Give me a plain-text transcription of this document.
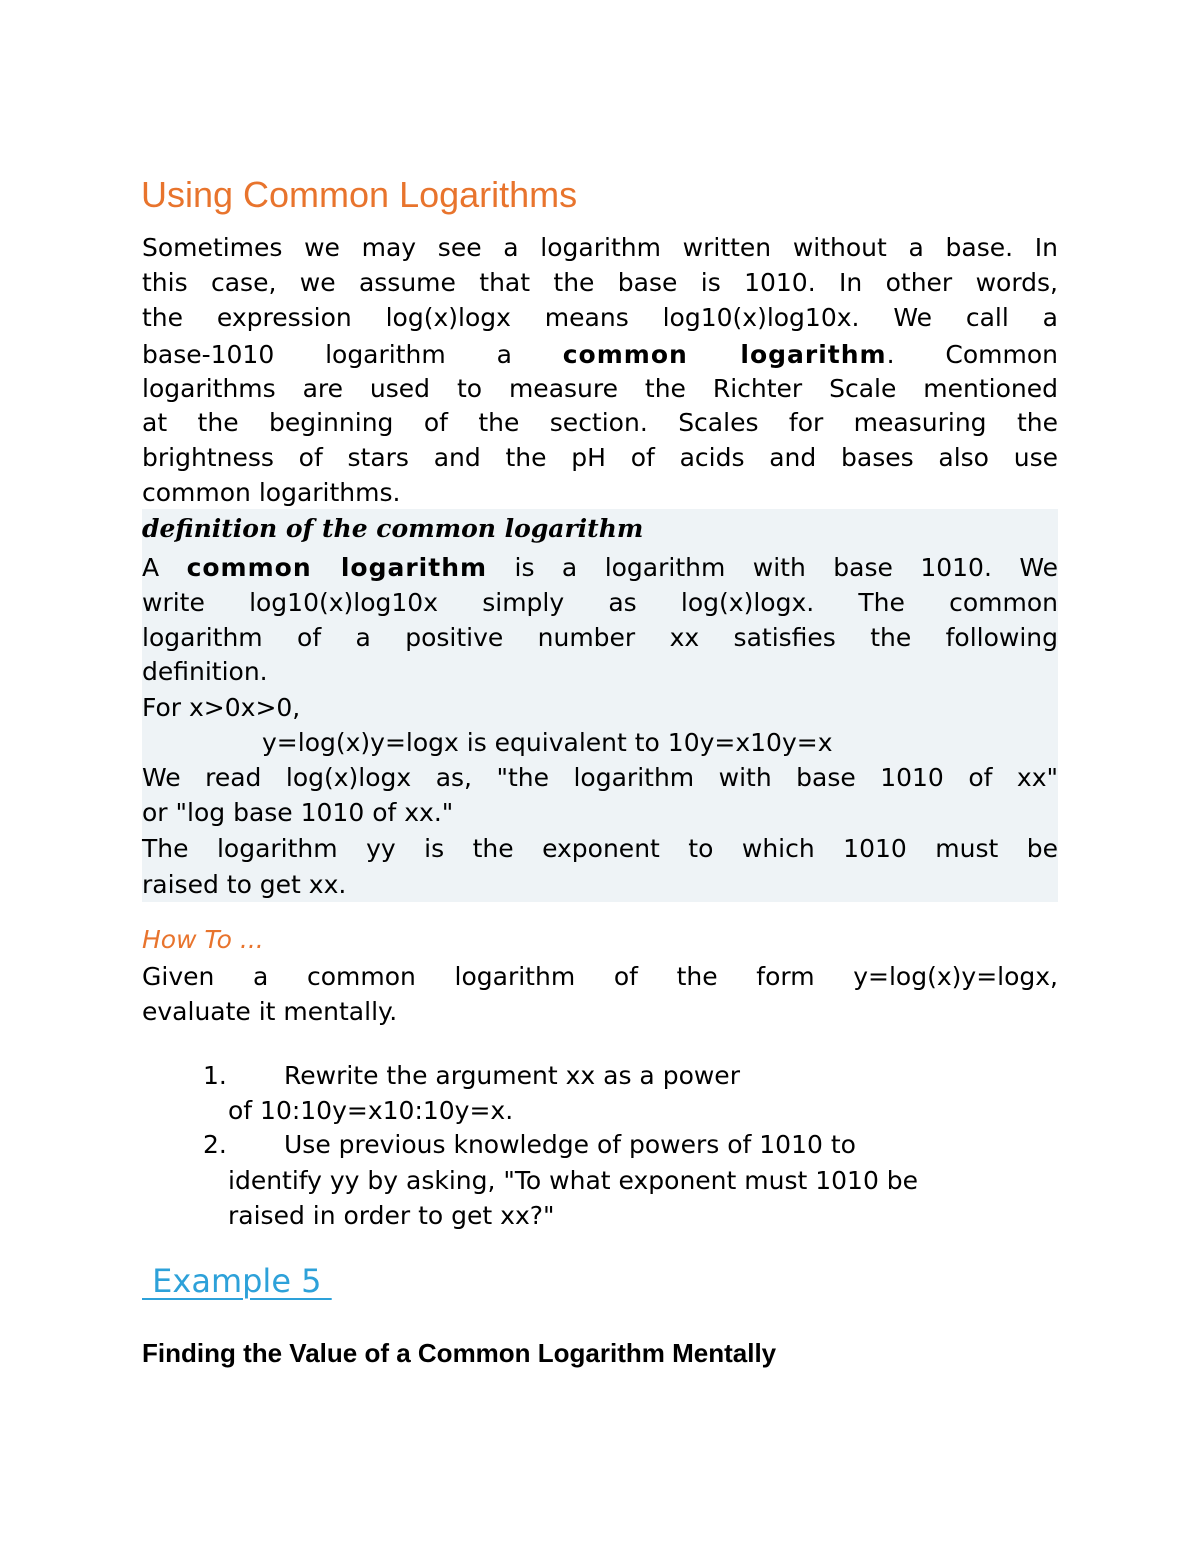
Using Common Logarithms
Sometimes we may see a logarithm written without a base. In
this case, we assume that the base is 1010. In other words,
the expression log(x)logx means log10(x)log10x. We call a
base-1010 logarithm a common logarithm. Common
logarithms are used to measure the Richter Scale mentioned
at the beginning of the section. Scales for measuring the
brightness of stars and the pH of acids and bases also use
common logarithms.
definition of the common logarithm
A common logarithm is a logarithm with base 1010. We
write log10(x)log10x simply as log(x)logx. The common
logarithm of a positive number xx satisfies the following
definition.
For x>0x>0,
y=log(x)y=logx is equivalent to 10y=x10y=x
We read log(x)logx as, "the logarithm with base 1010 of xx"
or "log base 1010 of xx."
The logarithm yy is the exponent to which 1010 must be
raised to get xx.
How To ...
Given a common logarithm of the form y=log(x)y=logx,
evaluate it mentally.
1. Rewrite the argument xx as a power
of 10:10y=x10:10y=x.
2. Use previous knowledge of powers of 1010 to
identify yy by asking, "To what exponent must 1010 be
raised in order to get xx?"
Example 5
Finding the Value of a Common Logarithm Mentally
